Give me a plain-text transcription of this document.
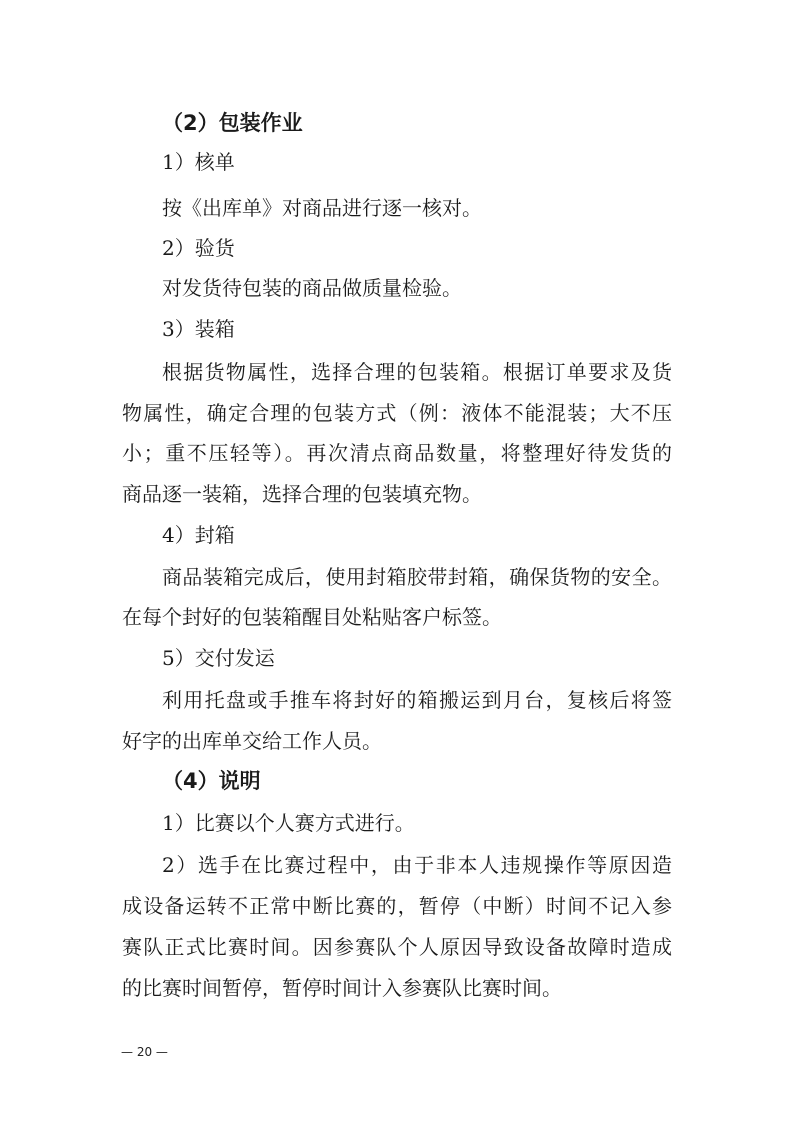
（2）包装作业

1）核单

按《出库单》对商品进行逐一核对。

2）验货

对发货待包装的商品做质量检验。

3）装箱

根据货物属性，选择合理的包装箱。根据订单要求及货

物属性，确定合理的包装方式（例：液体不能混装；大不压

小；重不压轻等）。再次清点商品数量，将整理好待发货的

商品逐一装箱，选择合理的包装填充物。

4）封箱

商品装箱完成后，使用封箱胶带封箱，确保货物的安全。

在每个封好的包装箱醒目处粘贴客户标签。

5）交付发运

利用托盘或手推车将封好的箱搬运到月台，复核后将签

好字的出库单交给工作人员。

（4）说明

1）比赛以个人赛方式进行。

2）选手在比赛过程中，由于非本人违规操作等原因造

成设备运转不正常中断比赛的，暂停（中断）时间不记入参

赛队正式比赛时间。因参赛队个人原因导致设备故障时造成

的比赛时间暂停，暂停时间计入参赛队比赛时间。

— 20 —
